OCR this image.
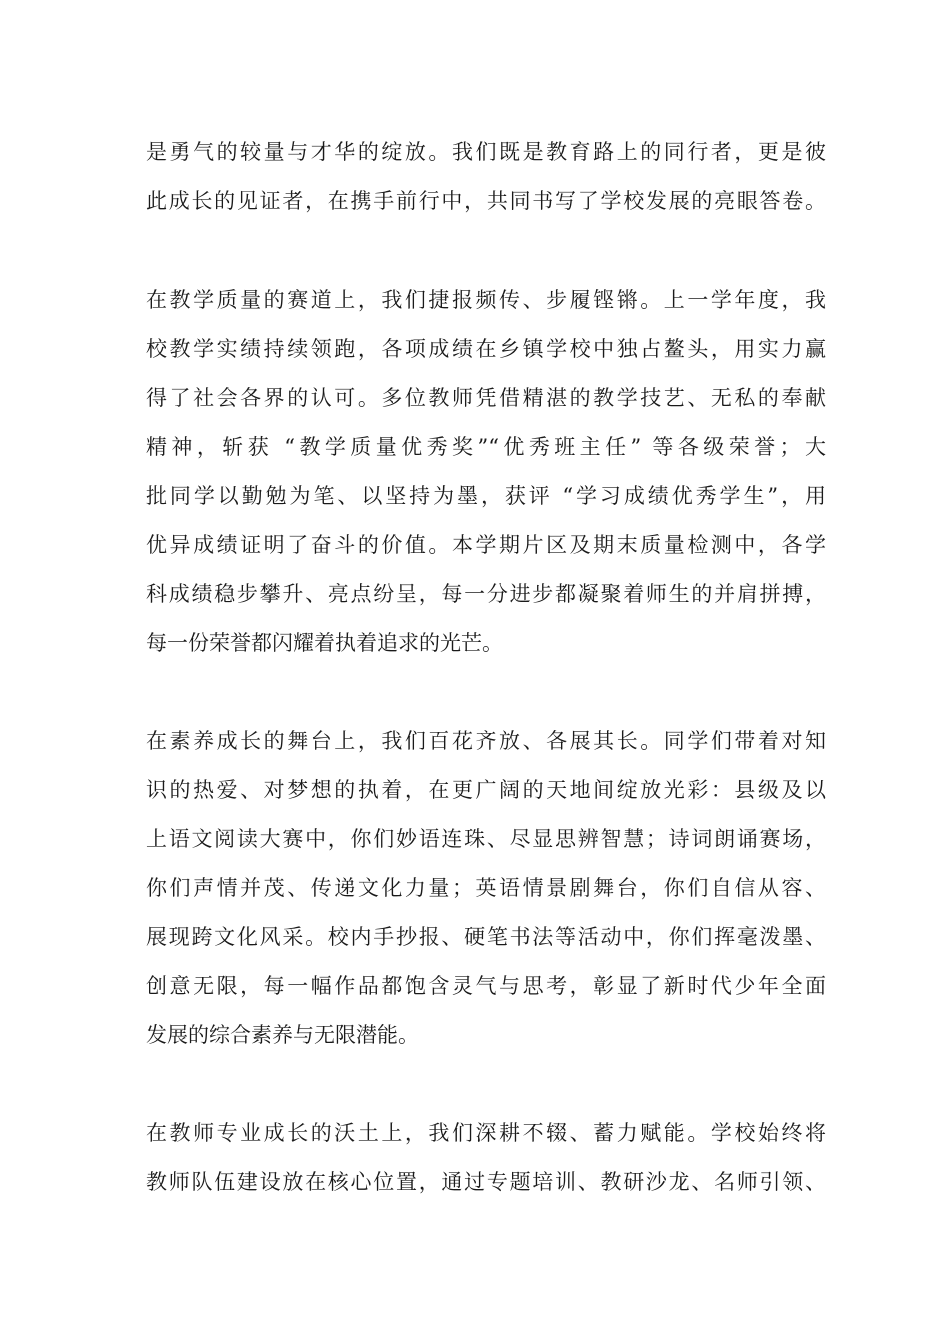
是勇气的较量与才华的绽放。我们既是教育路上的同行者，更是彼
此成长的见证者，在携手前行中，共同书写了学校发展的亮眼答卷。
在教学质量的赛道上，我们捷报频传、步履铿锵。上一学年度，我
校教学实绩持续领跑，各项成绩在乡镇学校中独占鳌头，用实力赢
得了社会各界的认可。多位教师凭借精湛的教学技艺、无私的奉献
精神，斩获 “教学质量优秀奖”“优秀班主任” 等各级荣誉；大
批同学以勤勉为笔、以坚持为墨，获评 “学习成绩优秀学生”，用
优异成绩证明了奋斗的价值。本学期片区及期末质量检测中，各学
科成绩稳步攀升、亮点纷呈，每一分进步都凝聚着师生的并肩拼搏，
每一份荣誉都闪耀着执着追求的光芒。
在素养成长的舞台上，我们百花齐放、各展其长。同学们带着对知
识的热爱、对梦想的执着，在更广阔的天地间绽放光彩：县级及以
上语文阅读大赛中，你们妙语连珠、尽显思辨智慧；诗词朗诵赛场，
你们声情并茂、传递文化力量；英语情景剧舞台，你们自信从容、
展现跨文化风采。校内手抄报、硬笔书法等活动中，你们挥毫泼墨、
创意无限，每一幅作品都饱含灵气与思考，彰显了新时代少年全面
发展的综合素养与无限潜能。
在教师专业成长的沃土上，我们深耕不辍、蓄力赋能。学校始终将
教师队伍建设放在核心位置，通过专题培训、教研沙龙、名师引领、
